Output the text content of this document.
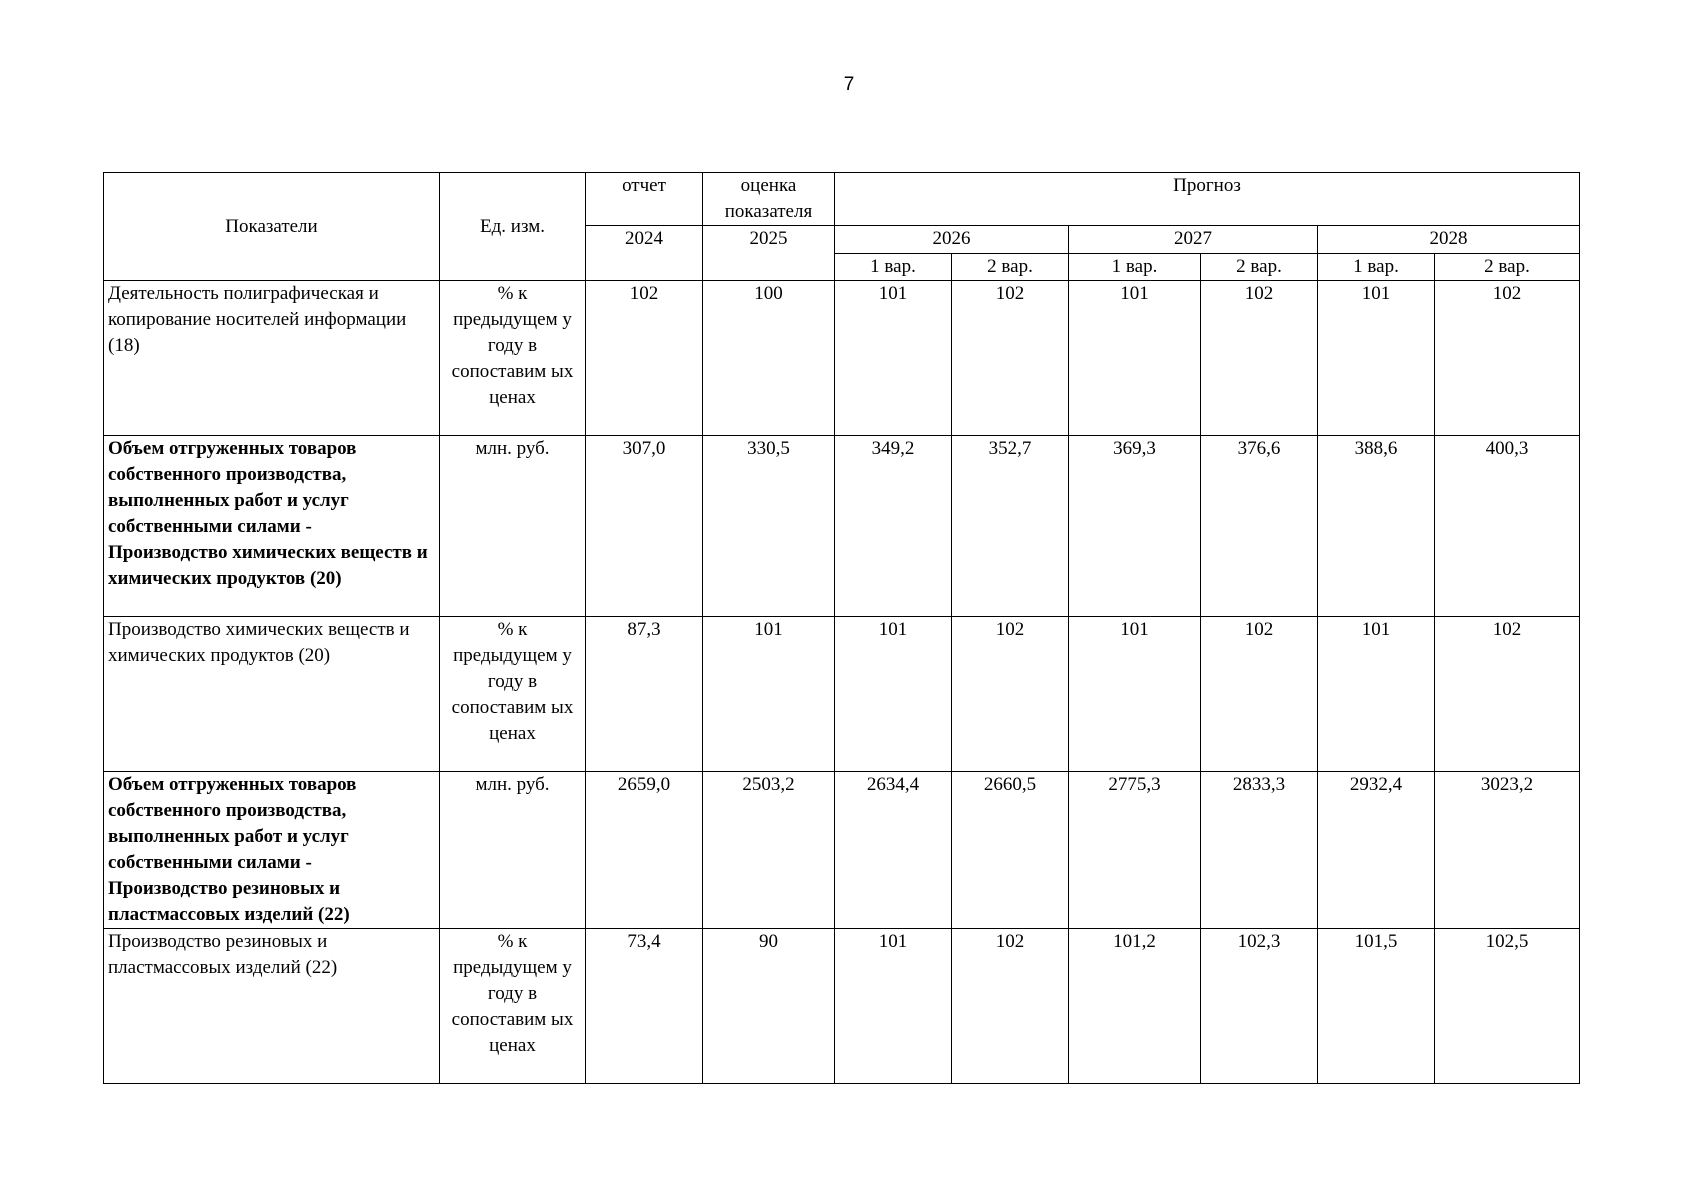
7
Показатели	Ед. изм.	отчет	оценка показателя	Прогноз					
		2024	2025	2026		2027		2028	
				1 вар.	2 вар.	1 вар.	2 вар.	1 вар.	2 вар.
Деятельность полиграфическая и копирование носителей информации (18)	% к предыдущем у году в сопоставим ых ценах	102	100	101	102	101	102	101	102
Объем отгруженных товаров собственного производства, выполненных работ и услуг собственными силами - Производство химических веществ и химических продуктов (20)	млн. руб.	307,0	330,5	349,2	352,7	369,3	376,6	388,6	400,3
Производство химических веществ и химических продуктов (20)	% к предыдущем у году в сопоставим ых ценах	87,3	101	101	102	101	102	101	102
Объем отгруженных товаров собственного производства, выполненных работ и услуг собственными силами - Производство резиновых и пластмассовых изделий (22)	млн. руб.	2659,0	2503,2	2634,4	2660,5	2775,3	2833,3	2932,4	3023,2
Производство резиновых и пластмассовых изделий (22)	% к предыдущем у году в сопоставим ых ценах	73,4	90	101	102	101,2	102,3	101,5	102,5
